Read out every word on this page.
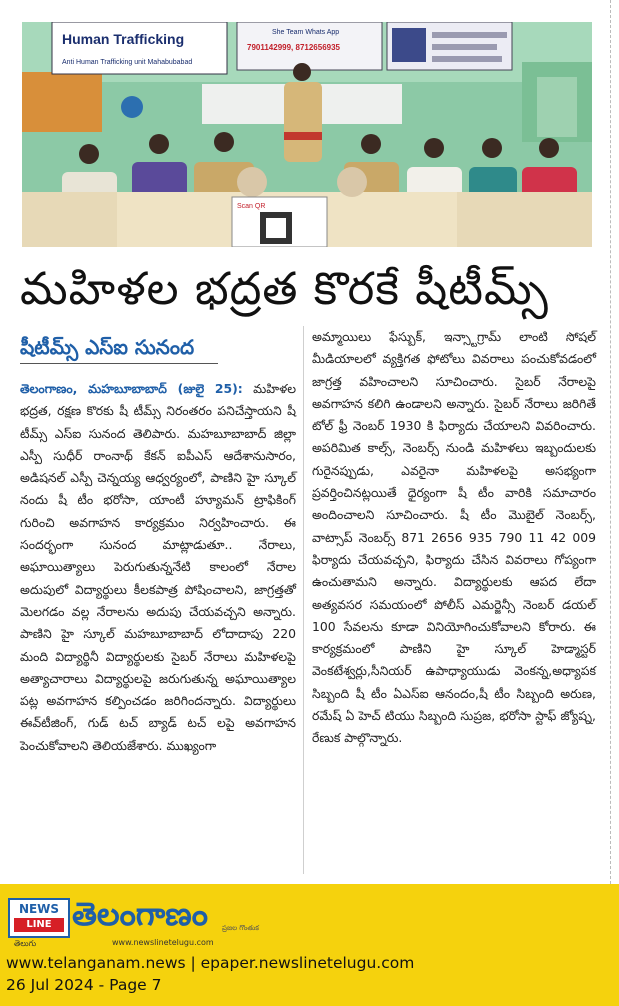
Human Trafficking
Anti Human Trafficking unit Mahabubabad
She Team Whats App
7901142999, 8712656935
Scan QR
మహిళల భద్రత కొరకే షీటీమ్స్
షీటీమ్స్ ఎస్ఐ సునంద
తెలంగాణం, మహబూబాబాద్ (జులై 25): మహిళల భద్రత, రక్షణ కొరకు షీ టీమ్స్ నిరంతరం పనిచేస్తాయని షీ టీమ్స్ ఎస్ఐ సునంద తెలిపారు. మహబూబాబాద్ జిల్లా ఎస్పీ సుధీర్ రాంనాథ్ కేకన్ ఐపీఎస్ ఆదేశానుసారం, అడిషనల్ ఎస్పీ చెన్నయ్య ఆధ్వర్యంలో, పాణిని హై స్కూల్ నందు షీ టీం భరోసా, యాంటీ హ్యూమన్ ట్రాఫికింగ్ గురించి అవగాహన కార్యక్రమం నిర్వహించారు. ఈ సందర్భంగా సునంద మాట్లాడుతూ.. నేరాలు, అఘాయిత్యాలు పెరుగుతున్ననేటి కాలంలో నేరాల అదుపులో విద్యార్థులు కీలకపాత్ర పోషించాలని, జాగ్రత్తతో మెలగడం వల్ల నేరాలను అదుపు చేయవచ్చని అన్నారు. పాణిని హై స్కూల్ మహబూబాబాద్ లోదాదాపు 220 మంది విద్యార్థినీ విద్యార్థులకు సైబర్ నేరాలు మహిళలపై అత్యాచారాలు విద్యార్థులపై జరుగుతున్న అఘాయిత్యాల పట్ల అవగాహన కల్పించడం జరిగిందన్నారు. విద్యార్థులు ఈవ్‌టీజింగ్, గుడ్ టచ్ బ్యాడ్ టచ్ లపై అవగాహన పెంచుకోవాలని తెలియజేశారు. ముఖ్యంగా
అమ్మాయిలు ఫేస్బుక్, ఇన్స్టాగ్రామ్ లాంటి సోషల్ మీడియాలలో వ్యక్తిగత ఫోటోలు వివరాలు పంచుకోవడంలో జాగ్రత్త వహించాలని సూచించారు. సైబర్ నేరాలపై అవగాహన కలిగి ఉండాలని అన్నారు. సైబర్ నేరాలు జరిగితే టోల్ ఫ్రీ నెంబర్ 1930 కి ఫిర్యాదు చేయాలని వివరించారు. అపరిమిత కాల్స్, నెంబర్స్ నుండి మహిళలు ఇబ్బందులకు గురైనప్పుడు, ఎవరైనా మహిళలపై అసభ్యంగా ప్రవర్తించినట్లయితే ధైర్యంగా షీ టీం వారికి సమాచారం అందించాలని సూచించారు. షీ టీం మొబైల్ నెంబర్స్, వాట్సాప్ నెంబర్స్ 871 2656 935 790 11 42 009 ఫిర్యాదు చేయవచ్చని, ఫిర్యాదు చేసిన వివరాలు గోప్యంగా ఉంచుతామని అన్నారు. విద్యార్థులకు ఆపద లేదా అత్యవసర సమయంలో పోలీస్ ఎమర్జెన్సీ నెంబర్ డయల్ 100 సేవలను కూడా వినియోగించుకోవాలని కోరారు. ఈ కార్యక్రమంలో పాణిని హై స్కూల్ హెడ్మాస్టర్ వెంకటేశ్వర్లు,సీనియర్ ఉపాధ్యాయుడు వెంకన్న,అధ్యాపక సిబ్బంది షీ టీం ఏఎస్ఐ ఆనందం,షీ టీం సిబ్బంది అరుణ, రమేష్ ఏ హెచ్ టియు సిబ్బంది సుప్రజ, భరోసా స్టాఫ్ జ్యోష్న, రేణుక పాల్గొన్నారు.
NEWS
LINE
తెలుగు
తెలంగాణం ప్రజల గొంతుక
www.newslinetelugu.com
www.telanganam.news | epaper.newslinetelugu.com
26 Jul 2024 - Page 7
